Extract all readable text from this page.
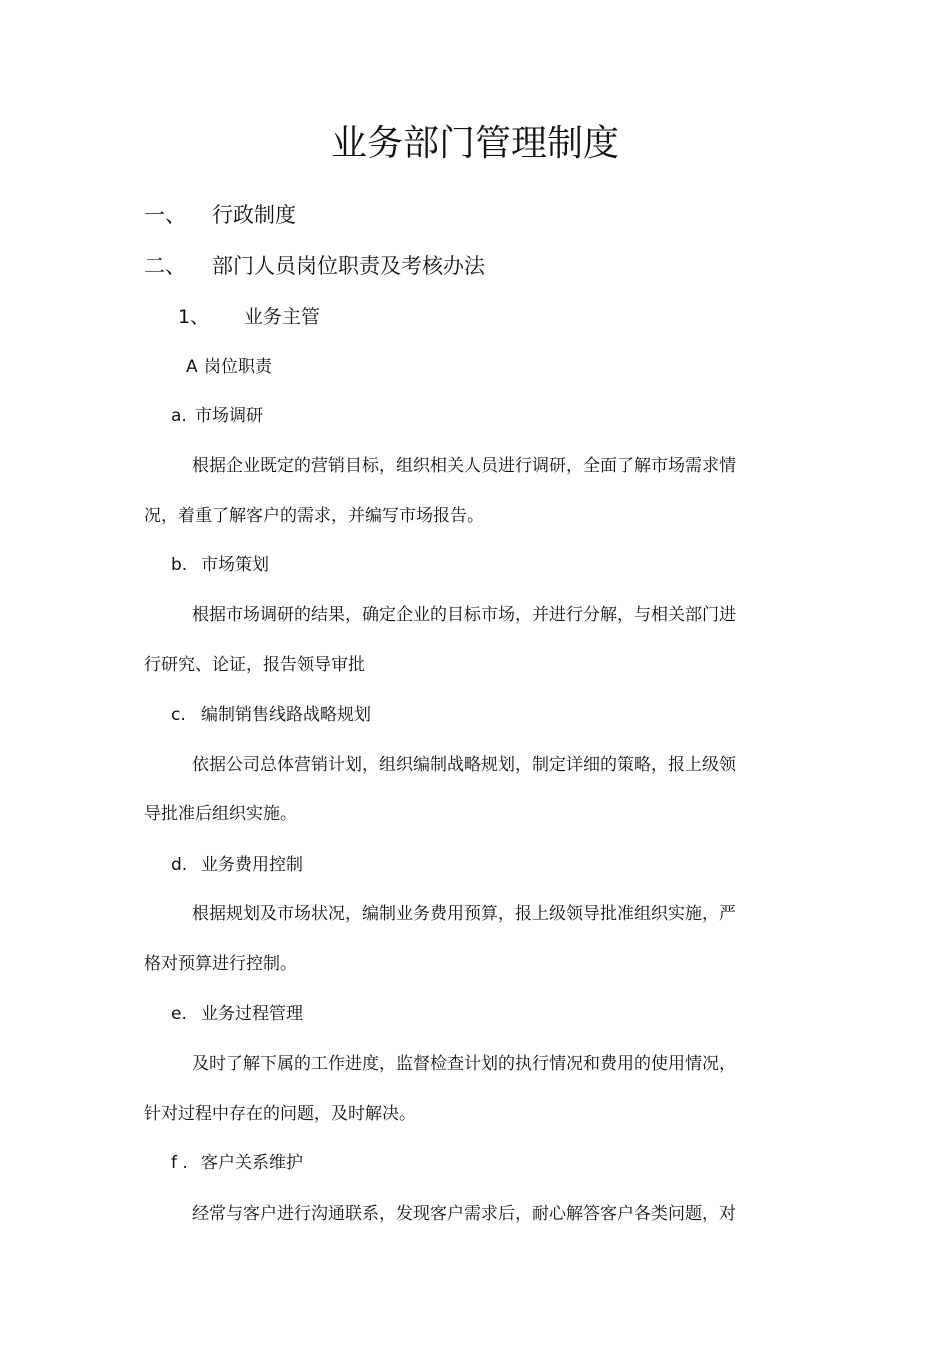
业务部门管理制度
一、 行政制度
二、 部门人员岗位职责及考核办法
1、 业务主管
A 岗位职责
a. 市场调研
根据企业既定的营销目标，组织相关人员进行调研，全面了解市场需求情
况，着重了解客户的需求，并编写市场报告。
b. 市场策划
根据市场调研的结果，确定企业的目标市场，并进行分解，与相关部门进
行研究、论证，报告领导审批
c. 编制销售线路战略规划
依据公司总体营销计划，组织编制战略规划，制定详细的策略，报上级领
导批准后组织实施。
d. 业务费用控制
根据规划及市场状况，编制业务费用预算，报上级领导批准组织实施，严
格对预算进行控制。
e. 业务过程管理
及时了解下属的工作进度，监督检查计划的执行情况和费用的使用情况，
针对过程中存在的问题，及时解决。
f . 客户关系维护
经常与客户进行沟通联系，发现客户需求后，耐心解答客户各类问题，对
